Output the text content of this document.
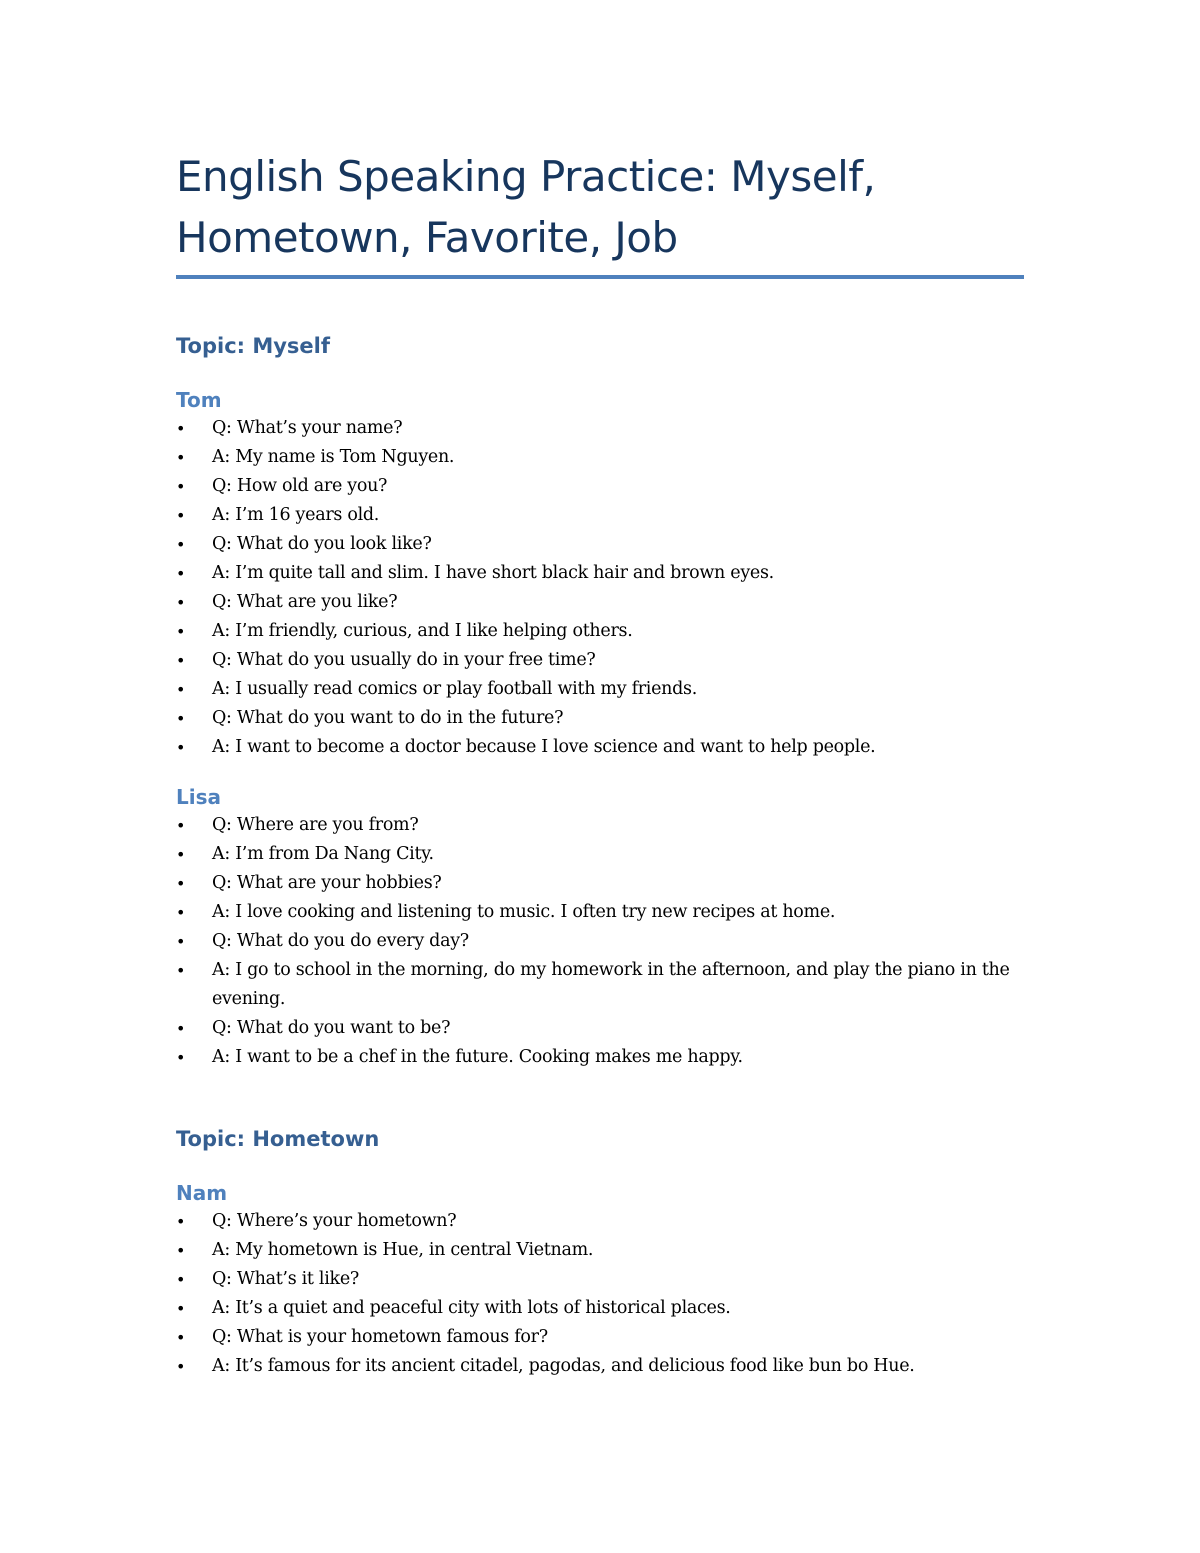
English Speaking Practice: Myself,
Hometown, Favorite, Job
Topic: Myself
Tom
•	Q: What’s your name?
•	A: My name is Tom Nguyen.
•	Q: How old are you?
•	A: I’m 16 years old.
•	Q: What do you look like?
•	A: I’m quite tall and slim. I have short black hair and brown eyes.
•	Q: What are you like?
•	A: I’m friendly, curious, and I like helping others.
•	Q: What do you usually do in your free time?
•	A: I usually read comics or play football with my friends.
•	Q: What do you want to do in the future?
•	A: I want to become a doctor because I love science and want to help people.
Lisa
•	Q: Where are you from?
•	A: I’m from Da Nang City.
•	Q: What are your hobbies?
•	A: I love cooking and listening to music. I often try new recipes at home.
•	Q: What do you do every day?
•	A: I go to school in the morning, do my homework in the afternoon, and play the piano in the evening.
•	Q: What do you want to be?
•	A: I want to be a chef in the future. Cooking makes me happy.
Topic: Hometown
Nam
•	Q: Where’s your hometown?
•	A: My hometown is Hue, in central Vietnam.
•	Q: What’s it like?
•	A: It’s a quiet and peaceful city with lots of historical places.
•	Q: What is your hometown famous for?
•	A: It’s famous for its ancient citadel, pagodas, and delicious food like bun bo Hue.
